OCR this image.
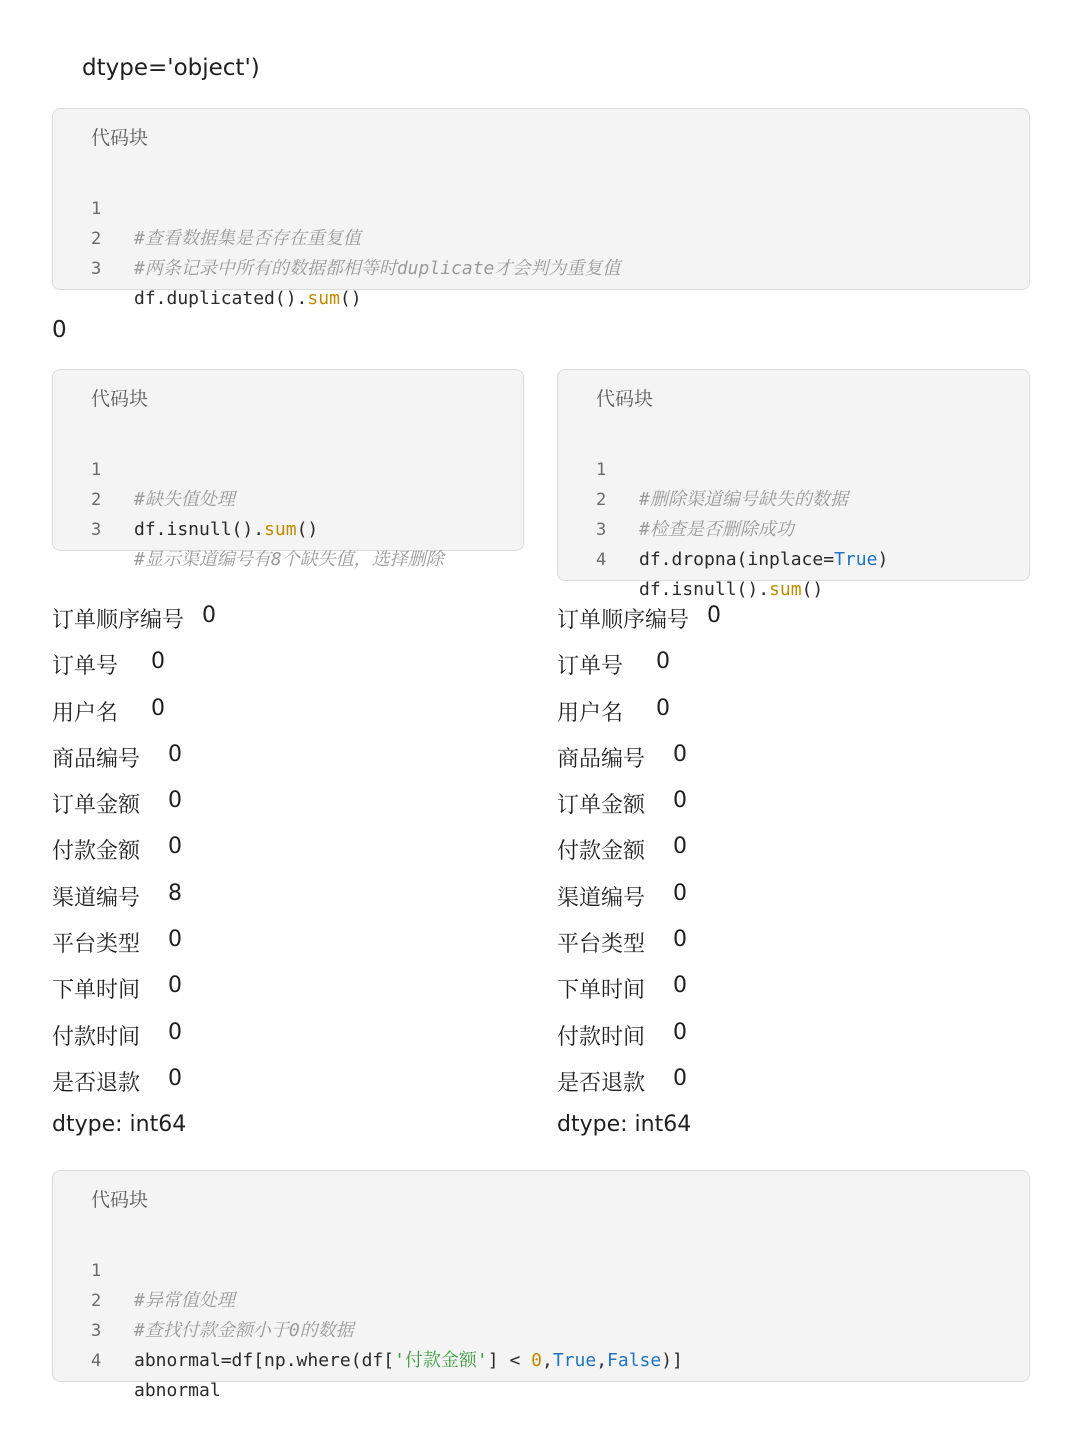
dtype='object')
代码块

1

#查看数据集是否存在重复值

2

#两条记录中所有的数据都相等时duplicate才会判为重复值

3

df.duplicated().sum()

0
代码块

1

#缺失值处理

2

df.isnull().sum()

3

#显示渠道编号有8个缺失值，选择删除

代码块

1

#删除渠道编号缺失的数据

2

#检查是否删除成功

3

df.dropna(inplace=True)

4

df.isnull().sum()

订单顺序编号 0
订单号 0
用户名 0
商品编号 0
订单金额 0
付款金额 0
渠道编号 8
平台类型 0
下单时间 0
付款时间 0
是否退款 0
dtype: int64
订单顺序编号 0
订单号 0
用户名 0
商品编号 0
订单金额 0
付款金额 0
渠道编号 0
平台类型 0
下单时间 0
付款时间 0
是否退款 0
dtype: int64
代码块

1

#异常值处理

2

#查找付款金额小于0的数据

3

abnormal=df[np.where(df['付款金额'] < 0,True,False)]

4

abnormal
